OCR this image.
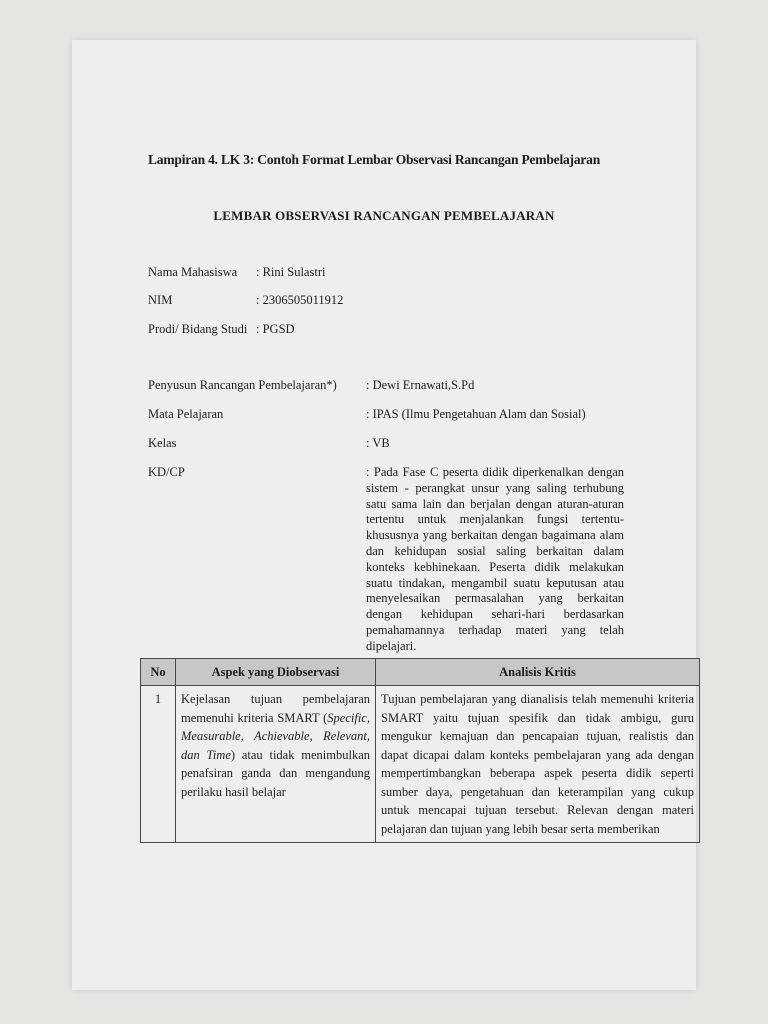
Lampiran 4. LK 3: Contoh Format Lembar Observasi Rancangan Pembelajaran
LEMBAR OBSERVASI RANCANGAN PEMBELAJARAN
Nama Mahasiswa : Rini Sulastri
NIM	: 2306505011912
Prodi/ Bidang Studi : PGSD
Penyusun Rancangan Pembelajaran*) : Dewi Ernawati,S.Pd
Mata Pelajaran	: IPAS (Ilmu Pengetahuan Alam dan Sosial)
Kelas	: VB
KD/CP	: Pada Fase C peserta didik diperkenalkan dengan sistem - perangkat unsur yang saling terhubung satu sama lain dan berjalan dengan aturan-aturan tertentu untuk menjalankan fungsi tertentu-khususnya yang berkaitan dengan bagaimana alam dan kehidupan sosial saling berkaitan dalam konteks kebhinekaan. Peserta didik melakukan suatu tindakan, mengambil suatu keputusan atau menyelesaikan permasalahan yang berkaitan dengan kehidupan sehari-hari berdasarkan pemahamannya terhadap materi yang telah dipelajari.
No	Aspek yang Diobservasi	Analisis Kritis
1	Kejelasan tujuan pembelajaran memenuhi kriteria SMART (Specific, Measurable, Achievable, Relevant, dan Time) atau tidak menimbulkan penafsiran ganda dan mengandung perilaku hasil belajar	Tujuan pembelajaran yang dianalisis telah memenuhi kriteria SMART yaitu tujuan spesifik dan tidak ambigu, guru mengukur kemajuan dan pencapaian tujuan, realistis dan dapat dicapai dalam konteks pembelajaran yang ada dengan mempertimbangkan beberapa aspek peserta didik seperti sumber daya, pengetahuan dan keterampilan yang cukup untuk mencapai tujuan tersebut. Relevan dengan materi pelajaran dan tujuan yang lebih besar serta memberikan
